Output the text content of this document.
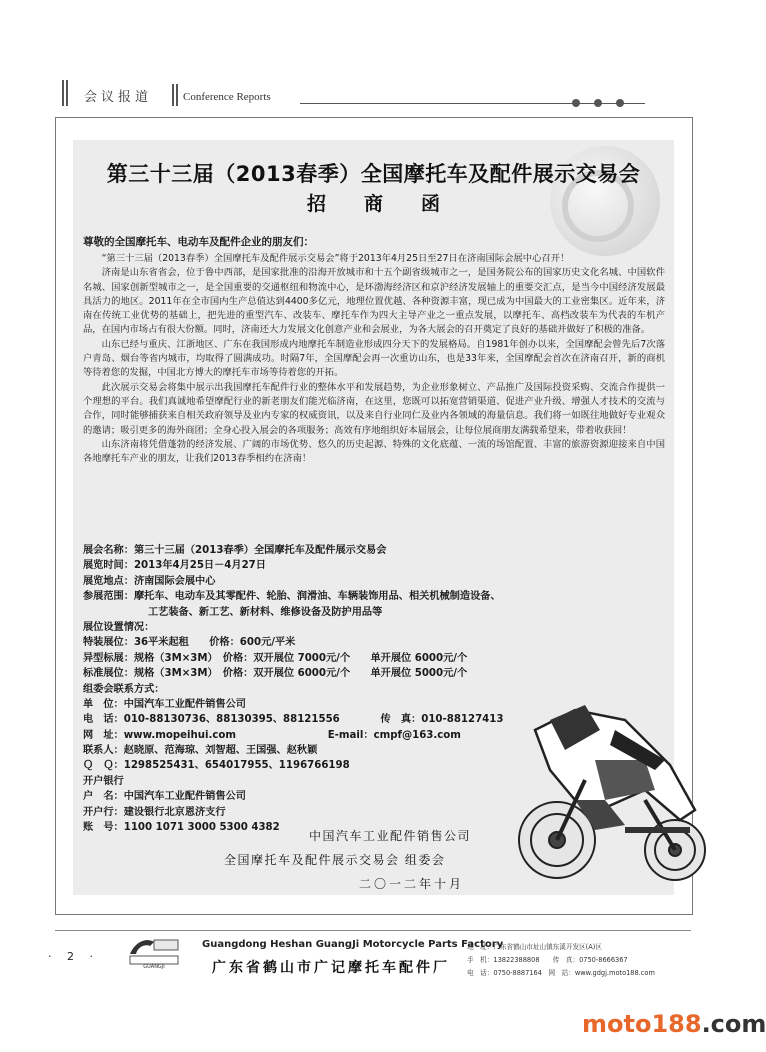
会议报道	Conference Reports
第三十三届（2013春季）全国摩托车及配件展示交易会
招商函
尊敬的全国摩托车、电动车及配件企业的朋友们：

“第三十三届（2013春季）全国摩托车及配件展示交易会”将于2013年4月25日至27日在济南国际会展中心召开！

济南是山东省省会，位于鲁中西部，是国家批准的沿海开放城市和十五个副省级城市之一，是国务院公布的国家历史文化名城、中国软件名城、国家创新型城市之一，是全国重要的交通枢纽和物流中心，是环渤海经济区和京沪经济发展轴上的重要交汇点，是当今中国经济发展最具活力的地区。2011年在全市国内生产总值达到4400多亿元，地理位置优越、各种资源丰富，现已成为中国最大的工业密集区。近年来，济南在传统工业优势的基础上，把先进的重型汽车、改装车、摩托车作为四大主导产业之一重点发展，以摩托车、高档改装车为代表的车机产品，在国内市场占有很大份额。同时，济南还大力发展文化创意产业和会展业，为各大展会的召开奠定了良好的基础并做好了积极的准备。

山东已经与重庆、江浙地区、广东在我国形成内地摩托车制造业形成四分天下的发展格局。自1981年创办以来，全国摩配会曾先后7次落户青岛、烟台等省内城市，均取得了圆满成功。时隔7年，全国摩配会再一次重访山东，也是33年来，全国摩配会首次在济南召开，新的商机等待着您的发掘，中国北方博大的摩托车市场等待着您的开拓。

此次展示交易会将集中展示出我国摩托车配件行业的整体水平和发展趋势，为企业形象树立、产品推广及国际投资采购、交流合作提供一个理想的平台。我们真诚地希望摩配行业的新老朋友们能光临济南，在这里，您既可以拓宽营销渠道、促进产业升级、增强人才技术的交流与合作，同时能够捕获来自相关政府领导及业内专家的权威资讯，以及来自行业同仁及业内各领域的海量信息。我们将一如既往地做好专业观众的邀请；吸引更多的海外商团；全身心投入展会的各项服务；高效有序地组织好本届展会，让每位展商朋友满载希望来，带着收获回！

山东济南将凭借蓬勃的经济发展、广阔的市场优势、悠久的历史起源、特殊的文化底蕴、一流的场馆配置、丰富的旅游资源迎接来自中国各地摩托车产业的朋友，让我们2013春季相约在济南！

展会名称：第三十三届（2013春季）全国摩托车及配件展示交易会
展览时间：2013年4月25日－4月27日
展览地点：济南国际会展中心
参展范围：摩托车、电动车及其零配件、轮胎、润滑油、车辆装饰用品、相关机械制造设备、
工艺装备、新工艺、新材料、维修设备及防护用品等
展位设置情况：
特装展位：36平米起租　　价格：600元/平米
异型标展：规格（3M×3M）　价格：双开展位 7000元/个　　单开展位 6000元/个
标准展位：规格（3M×3M）　价格：双开展位 6000元/个　　单开展位 5000元/个
组委会联系方式：
单　位：中国汽车工业配件销售公司
电　话：010-88130736、88130395、88121556　　　　传　真：010-88127413
网　址：www.mopeihui.com　　　　　　　　　E-mail：cmpf@163.com
联系人：赵晓原、范海琼、刘智超、王国强、赵秋颖
Ｑ　Ｑ：1298525431、654017955、1196766198
开户银行
户　名：中国汽车工业配件销售公司
开户行：建设银行北京恩济支行
账　号：1100 1071 3000 5300 4382
中国汽车工业配件销售公司
全国摩托车及配件展示交易会 组委会
二〇一二年十月
· 2 ·
GUANGJI
Guangdong Heshan GuangJi Motorcycle Parts Factory
广东省鹤山市广记摩托车配件厂
地　址：广东省鹤山市址山镇东溪开发区(A)区
手　机：13822388808　　传　真：0750-8666367
电　话：0750-8887164　网　站：www.gdgj.moto188.com
moto188.com
